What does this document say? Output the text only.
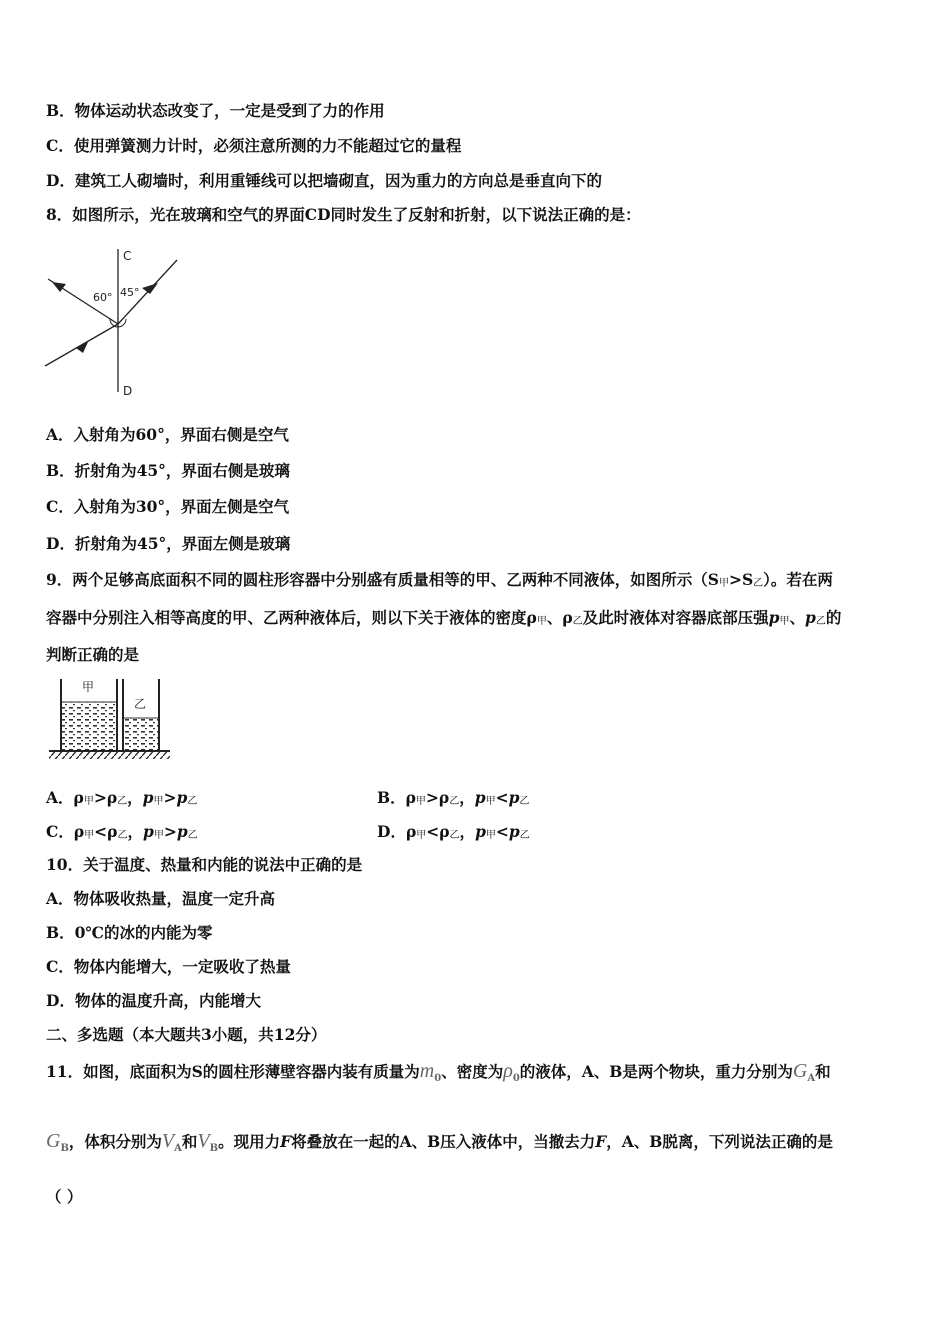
B．物体运动状态改变了，一定是受到了力的作用
C．使用弹簧测力计时，必须注意所测的力不能超过它的量程
D．建筑工人砌墙时，利用重锤线可以把墙砌直，因为重力的方向总是垂直向下的
8．如图所示，光在玻璃和空气的界面CD同时发生了反射和折射，以下说法正确的是：
C
D
60° 45°
A．入射角为60°，界面右侧是空气
B．折射角为45°，界面右侧是玻璃
C．入射角为30°，界面左侧是空气
D．折射角为45°，界面左侧是玻璃
9．两个足够高底面积不同的圆柱形容器中分别盛有质量相等的甲、乙两种不同液体，如图所示（S甲>S乙）。若在两
容器中分别注入相等高度的甲、乙两种液体后，则以下关于液体的密度ρ甲、ρ乙及此时液体对容器底部压强p甲、p乙的
判断正确的是
甲
乙
A．ρ甲>ρ乙，p甲>p乙	B．ρ甲>ρ乙，p甲<p乙
C．ρ甲<ρ乙，p甲>p乙	D．ρ甲<ρ乙，p甲<p乙
10．关于温度、热量和内能的说法中正确的是
A．物体吸收热量，温度一定升高
B．0℃的冰的内能为零
C．物体内能增大，一定吸收了热量
D．物体的温度升高，内能增大
二、多选题（本大题共3小题，共12分）
11．如图，底面积为S的圆柱形薄壁容器内装有质量为$m_0$、密度为$\rho_0$的液体，A、B是两个物块，重力分别为$G_A$和
$G_B$，体积分别为$V_A$和$V_B$。现用力F将叠放在一起的A、B压入液体中，当撤去力F，A、B脱离，下列说法正确的是
（ ）
